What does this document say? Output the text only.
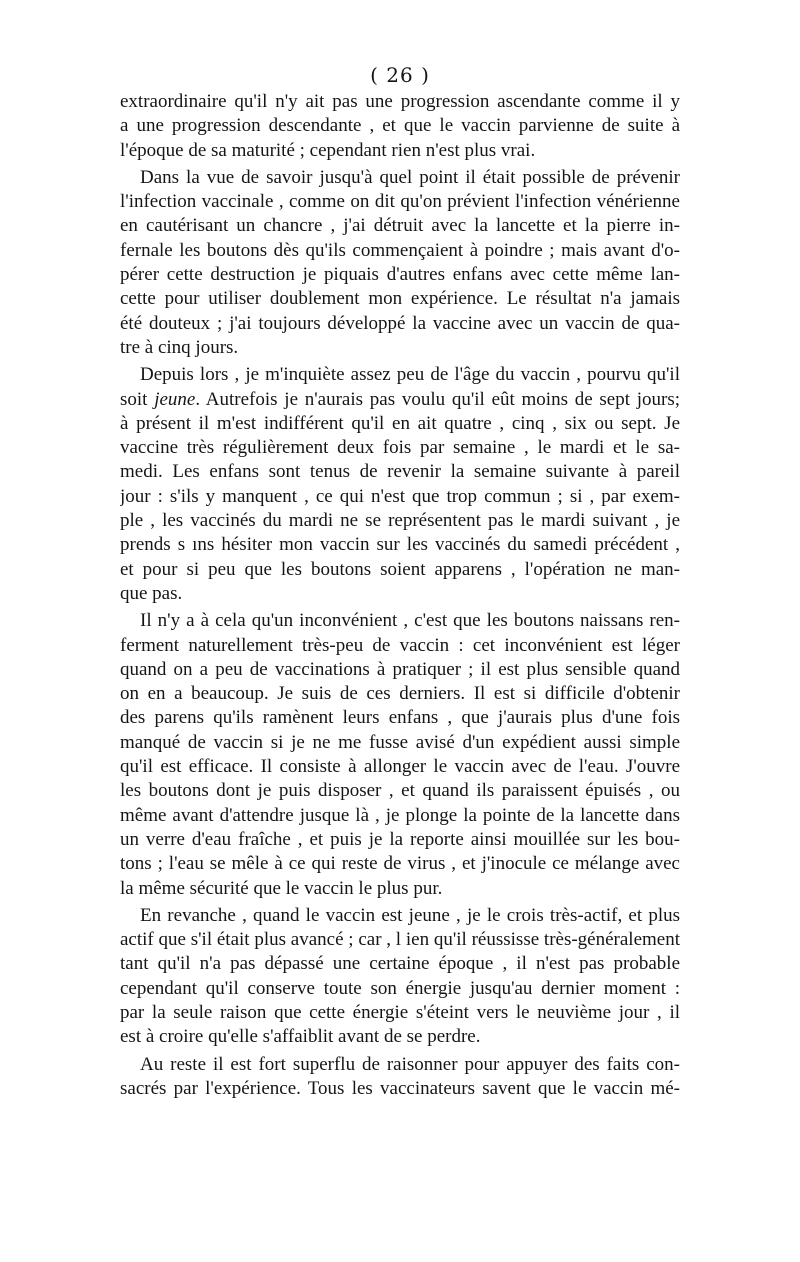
( 26 )
extraordinaire qu'il n'y ait pas une progression ascendante comme il y
a une progression descendante , et que le vaccin parvienne de suite à
l'époque de sa maturité ; cependant rien n'est plus vrai.
Dans la vue de savoir jusqu'à quel point il était possible de prévenir
l'infection vaccinale , comme on dit qu'on prévient l'infection vénérienne
en cautérisant un chancre , j'ai détruit avec la lancette et la pierre in-
fernale les boutons dès qu'ils commençaient à poindre ; mais avant d'o-
pérer cette destruction je piquais d'autres enfans avec cette même lan-
cette pour utiliser doublement mon expérience. Le résultat n'a jamais
été douteux ; j'ai toujours développé la vaccine avec un vaccin de qua-
tre à cinq jours.
Depuis lors , je m'inquiète assez peu de l'âge du vaccin , pourvu qu'il
soit jeune. Autrefois je n'aurais pas voulu qu'il eût moins de sept jours;
à présent il m'est indifférent qu'il en ait quatre , cinq , six ou sept. Je
vaccine très régulièrement deux fois par semaine , le mardi et le sa-
medi. Les enfans sont tenus de revenir la semaine suivante à pareil
jour : s'ils y manquent , ce qui n'est que trop commun ; si , par exem-
ple , les vaccinés du mardi ne se représentent pas le mardi suivant , je
prends s ıns hésiter mon vaccin sur les vaccinés du samedi précédent ,
et pour si peu que les boutons soient apparens , l'opération ne man-
que pas.
Il n'y a à cela qu'un inconvénient , c'est que les boutons naissans ren-
ferment naturellement très-peu de vaccin : cet inconvénient est léger
quand on a peu de vaccinations à pratiquer ; il est plus sensible quand
on en a beaucoup. Je suis de ces derniers. Il est si difficile d'obtenir
des parens qu'ils ramènent leurs enfans , que j'aurais plus d'une fois
manqué de vaccin si je ne me fusse avisé d'un expédient aussi simple
qu'il est efficace. Il consiste à allonger le vaccin avec de l'eau. J'ouvre
les boutons dont je puis disposer , et quand ils paraissent épuisés , ou
même avant d'attendre jusque là , je plonge la pointe de la lancette dans
un verre d'eau fraîche , et puis je la reporte ainsi mouillée sur les bou-
tons ; l'eau se mêle à ce qui reste de virus , et j'inocule ce mélange avec
la même sécurité que le vaccin le plus pur.
En revanche , quand le vaccin est jeune , je le crois très-actif, et plus
actif que s'il était plus avancé ; car , l ien qu'il réussisse très-généralement
tant qu'il n'a pas dépassé une certaine époque , il n'est pas probable
cependant qu'il conserve toute son énergie jusqu'au dernier moment :
par la seule raison que cette énergie s'éteint vers le neuvième jour , il
est à croire qu'elle s'affaiblit avant de se perdre.
Au reste il est fort superflu de raisonner pour appuyer des faits con-
sacrés par l'expérience. Tous les vaccinateurs savent que le vaccin mé-
